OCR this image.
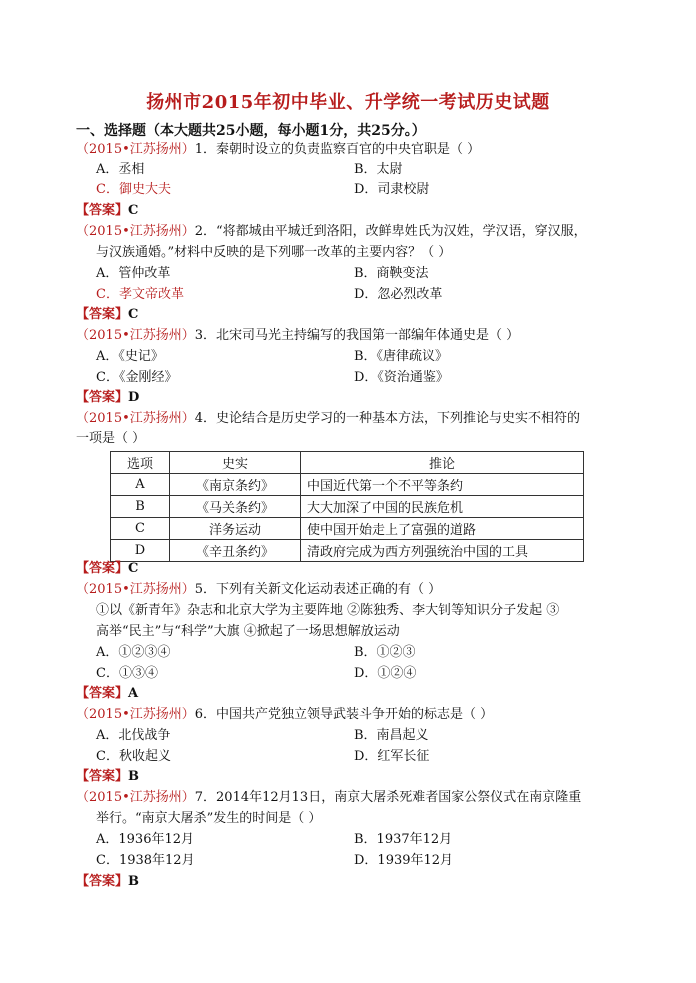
扬州市2015年初中毕业、升学统一考试历史试题
一、选择题（本大题共25小题，每小题1分，共25分。）
（2015•江苏扬州）1．秦朝时设立的负责监察百官的中央官职是（ ）
A．丞相	B．太尉
C．御史大夫	D．司隶校尉
【答案】C
（2015•江苏扬州）2．“将都城由平城迁到洛阳，改鲜卑姓氏为汉姓，学汉语，穿汉服，
与汉族通婚。”材料中反映的是下列哪一改革的主要内容？（ ）
A．管仲改革	B．商鞅变法
C．孝文帝改革	D．忽必烈改革
【答案】C
（2015•江苏扬州）3．北宋司马光主持编写的我国第一部编年体通史是（ ）
A．《史记》	B．《唐律疏议》
C．《金刚经》	D．《资治通鉴》
【答案】D
（2015•江苏扬州）4．史论结合是历史学习的一种基本方法，下列推论与史实不相符的
一项是（ ）
选项	史实	推论
A	《南京条约》	中国近代第一个不平等条约
B	《马关条约》	大大加深了中国的民族危机
C	洋务运动	使中国开始走上了富强的道路
D	《辛丑条约》	清政府完成为西方列强统治中国的工具
【答案】C
（2015•江苏扬州）5．下列有关新文化运动表述正确的有（ ）
①以《新青年》杂志和北京大学为主要阵地 ②陈独秀、李大钊等知识分子发起 ③
高举“民主”与“科学”大旗 ④掀起了一场思想解放运动
A．①②③④	B．①②③
C．①③④	D．①②④
【答案】A
（2015•江苏扬州）6．中国共产党独立领导武装斗争开始的标志是（ ）
A．北伐战争	B．南昌起义
C．秋收起义	D．红军长征
【答案】B
（2015•江苏扬州）7．2014年12月13日，南京大屠杀死难者国家公祭仪式在南京隆重
举行。“南京大屠杀”发生的时间是（ ）
A．1936年12月	B．1937年12月
C．1938年12月	D．1939年12月
【答案】B
